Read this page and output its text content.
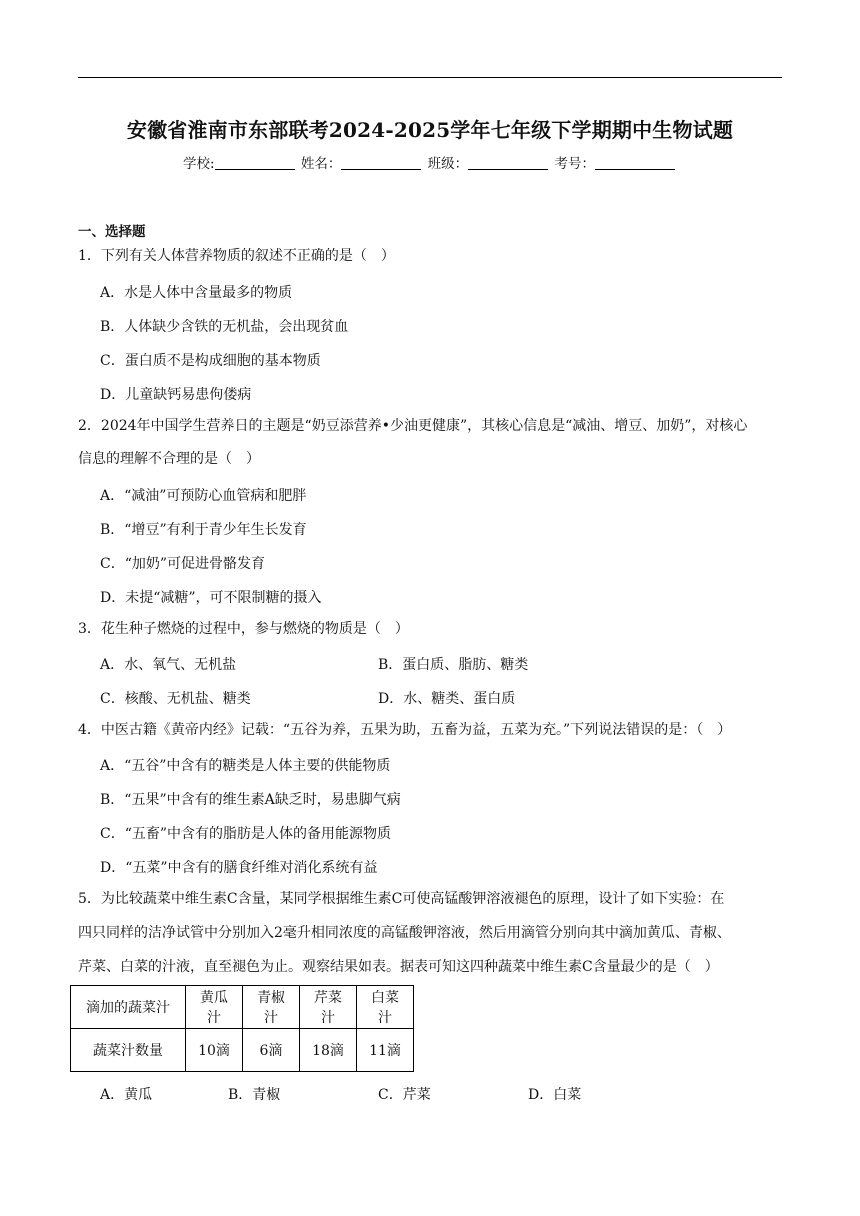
安徽省淮南市东部联考2024-2025学年七年级下学期期中生物试题
学校:	姓名：	班级：	考号：
一、选择题
1．下列有关人体营养物质的叙述不正确的是（　）
A．水是人体中含量最多的物质
B．人体缺少含铁的无机盐，会出现贫血
C．蛋白质不是构成细胞的基本物质
D．儿童缺钙易患佝偻病
2．2024年中国学生营养日的主题是“奶豆添营养•少油更健康”，其核心信息是“减油、增豆、加奶”，对核心
信息的理解不合理的是（　）
A．“减油”可预防心血管病和肥胖
B．“增豆”有利于青少年生长发育
C．“加奶”可促进骨骼发育
D．未提“减糖”，可不限制糖的摄入
3．花生种子燃烧的过程中，参与燃烧的物质是（　）
A．水、氧气、无机盐	B．蛋白质、脂肪、糖类
C．核酸、无机盐、糖类	D．水、糖类、蛋白质
4．中医古籍《黄帝内经》记载：“五谷为养，五果为助，五畜为益，五菜为充。”下列说法错误的是：（　）
A．“五谷”中含有的糖类是人体主要的供能物质
B．“五果”中含有的维生素A缺乏时，易患脚气病
C．“五畜”中含有的脂肪是人体的备用能源物质
D．“五菜”中含有的膳食纤维对消化系统有益
5．为比较蔬菜中维生素C含量，某同学根据维生素C可使高锰酸钾溶液褪色的原理，设计了如下实验：在
四只同样的洁净试管中分别加入2毫升相同浓度的高锰酸钾溶液，然后用滴管分别向其中滴加黄瓜、青椒、
芹菜、白菜的汁液，直至褪色为止。观察结果如表。据表可知这四种蔬菜中维生素C含量最少的是（　）
滴加的蔬菜汁	黄瓜汁	青椒汁	芹菜汁	白菜汁
蔬菜汁数量	10滴	6滴	18滴	11滴
A．黄瓜	B．青椒	C．芹菜	D．白菜
